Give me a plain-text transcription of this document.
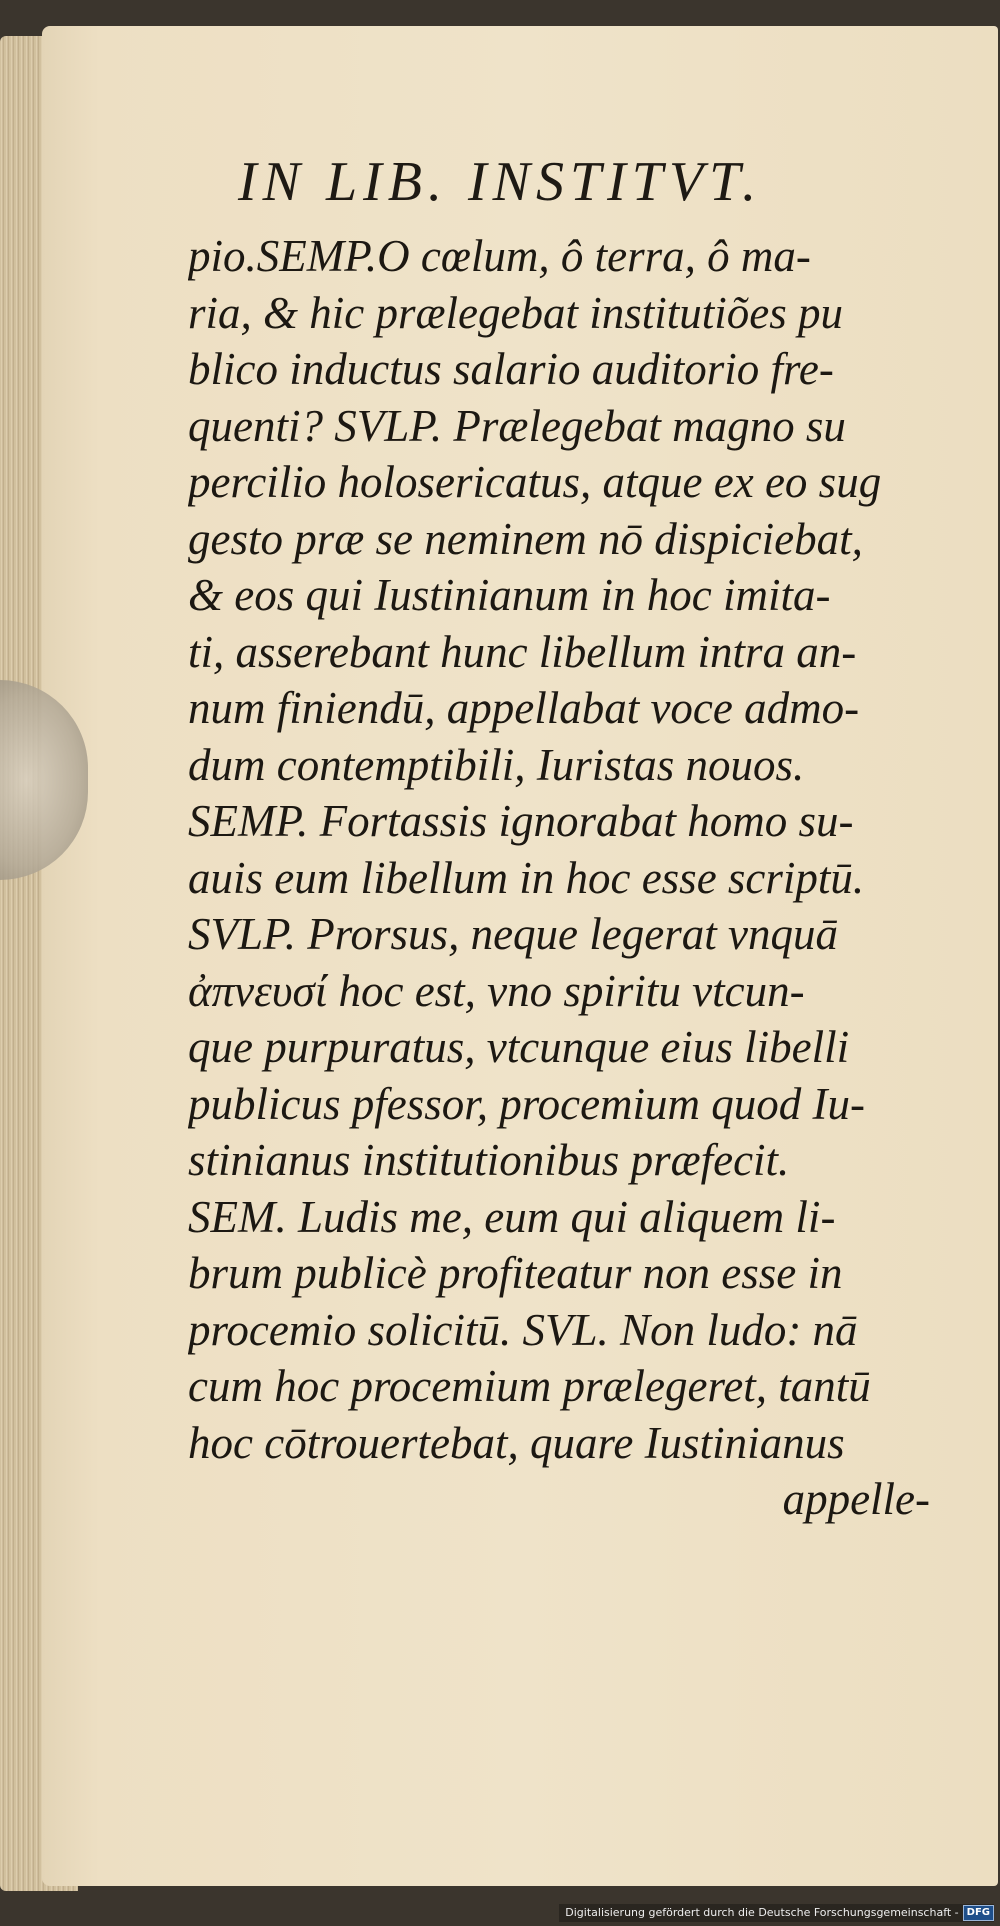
IN LIB. INSTITVT.
pio.SEMP.O cœlum, ô terra, ô ma-
ria, & hic prælegebat institutiões pu
blico inductus salario auditorio fre-
quenti? SVLP. Prælegebat magno su
percilio holosericatus, atque ex eo sug
gesto præ se neminem nō dispiciebat,
& eos qui Iustinianum in hoc imita-
ti, asserebant hunc libellum intra an-
num finiendū, appellabat voce admo-
dum contemptibili, Iuristas nouos.
SEMP. Fortassis ignorabat homo su-
auis eum libellum in hoc esse scriptū.
SVLP. Prorsus, neque legerat vnquā
ἀπνευσί hoc est, vno spiritu vtcun-
que purpuratus, vtcunque eius libelli
publicus pfessor, procemium quod Iu-
stinianus institutionibus præfecit.
SEM. Ludis me, eum qui aliquem li-
brum publicè profiteatur non esse in
procemio solicitū. SVL. Non ludo: nā
cum hoc procemium prælegeret, tantū
hoc cōtrouertebat, quare Iustinianus
appelle-
Digitalisierung gefördert durch die Deutsche Forschungsgemeinschaft - DFG
